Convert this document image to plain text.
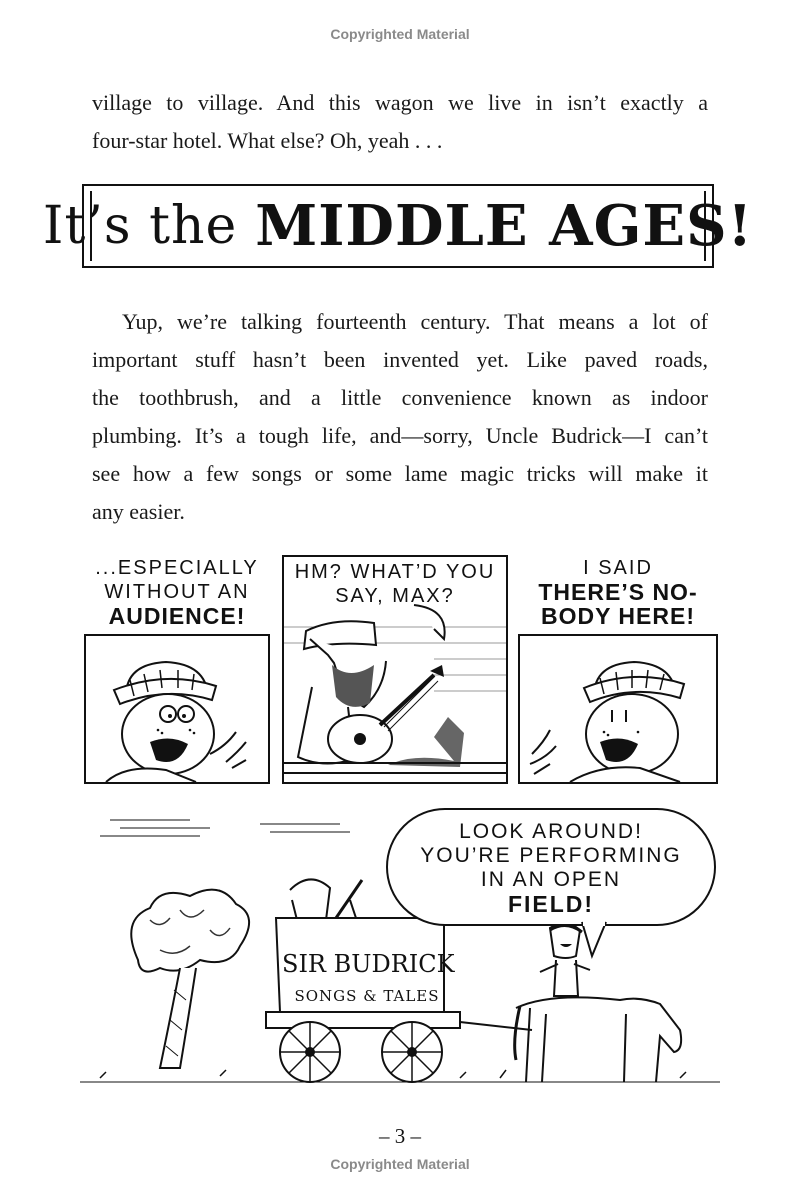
Copyrighted Material
village to village. And this wagon we live in isn’t exactly a
four-star hotel. What else? Oh, yeah . . .
It’s the MIDDLE AGES!
Yup, we’re talking fourteenth century. That means a lot of
important stuff hasn’t been invented yet. Like paved roads,
the toothbrush, and a little convenience known as indoor
plumbing. It’s a tough life, and—sorry, Uncle Budrick—I can’t
see how a few songs or some lame magic tricks will make it
any easier.
...ESPECIALLY
WITHOUT AN
AUDIENCE!
HM? WHAT’D YOU
SAY, MAX?
I SAID
THERE’S NO-
BODY HERE!
LOOK AROUND!
YOU’RE PERFORMING
IN AN OPEN
FIELD!
SIR BUDRICK
SONGS & TALES
– 3 –
Copyrighted Material
